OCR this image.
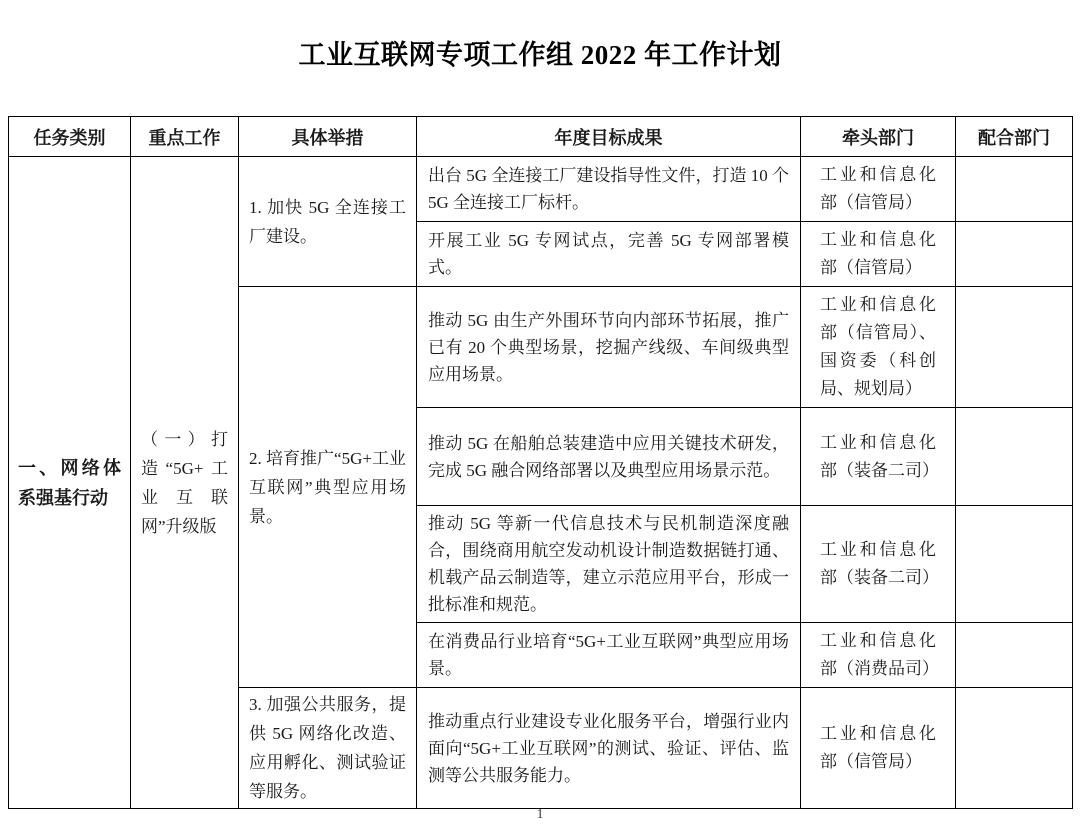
工业互联网专项工作组 2022 年工作计划
任务类别	重点工作	具体举措	年度目标成果	牵头部门	配合部门
一、网络体系强基行动	（一）打造“5G+工业互联网”升级版	1. 加快 5G 全连接工厂建设。	出台 5G 全连接工厂建设指导性文件，打造 10 个 5G 全连接工厂标杆。	工业和信息化部（信管局）	
			开展工业 5G 专网试点，完善 5G 专网部署模式。	工业和信息化部（信管局）	
		2. 培育推广“5G+工业互联网”典型应用场景。	推动 5G 由生产外围环节向内部环节拓展，推广已有 20 个典型场景，挖掘产线级、车间级典型应用场景。	工业和信息化部（信管局）、国资委（科创局、规划局）	
			推动 5G 在船舶总装建造中应用关键技术研发，完成 5G 融合网络部署以及典型应用场景示范。	工业和信息化部（装备二司）	
			推动 5G 等新一代信息技术与民机制造深度融合，围绕商用航空发动机设计制造数据链打通、机载产品云制造等，建立示范应用平台，形成一批标准和规范。	工业和信息化部（装备二司）	
			在消费品行业培育“5G+工业互联网”典型应用场景。	工业和信息化部（消费品司）	
		3. 加强公共服务，提供 5G 网络化改造、应用孵化、测试验证等服务。	推动重点行业建设专业化服务平台，增强行业内面向“5G+工业互联网”的测试、验证、评估、监测等公共服务能力。	工业和信息化部（信管局）	
1
